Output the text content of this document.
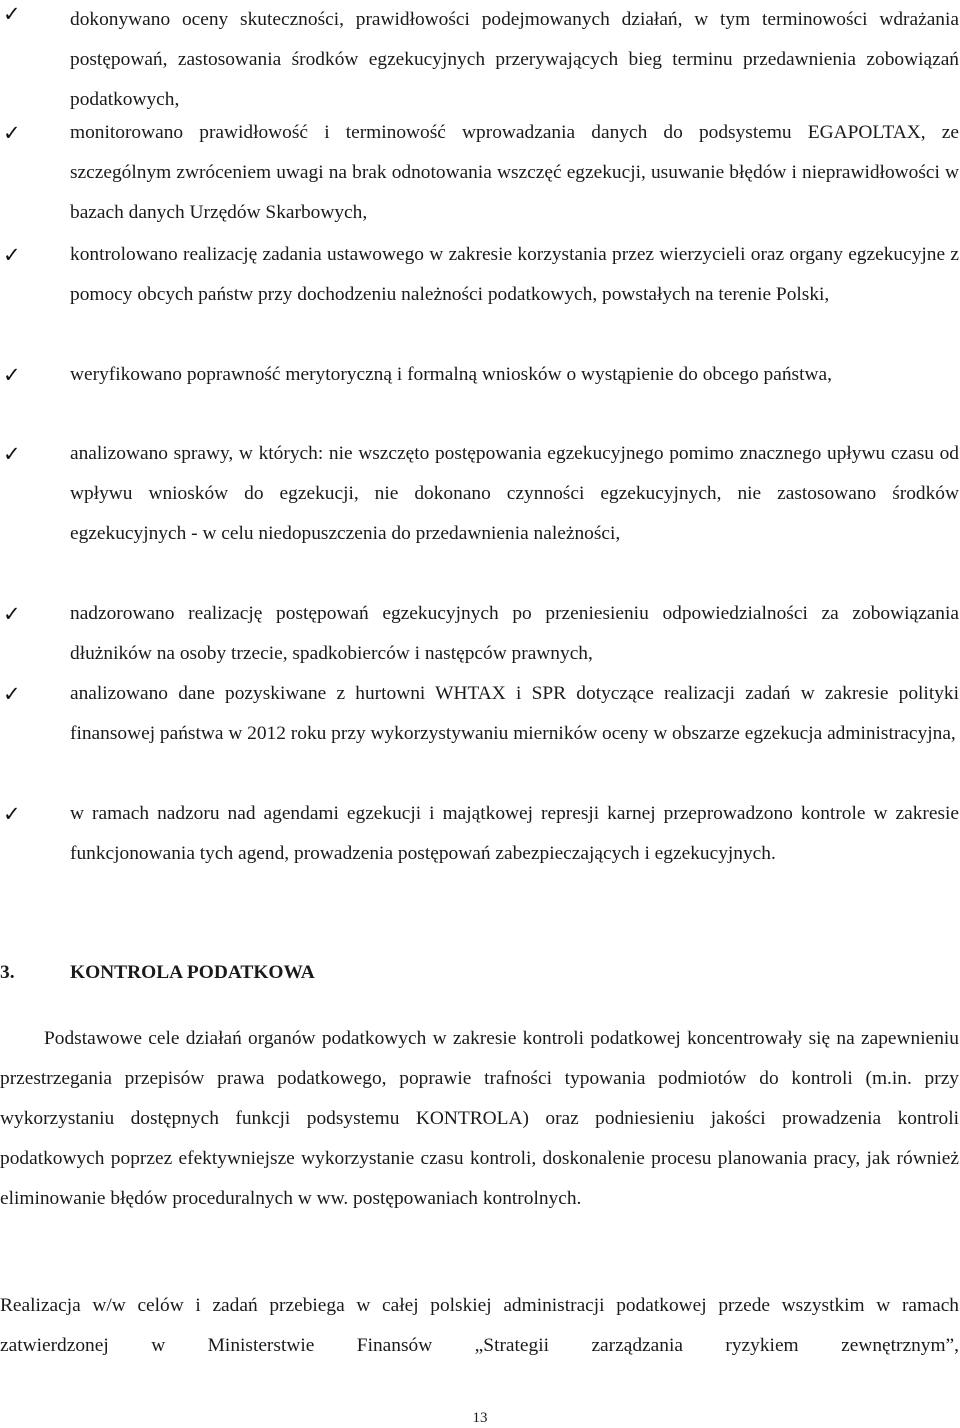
✓	dokonywano oceny skuteczności, prawidłowości podejmowanych działań, w tym terminowości wdrażania postępowań, zastosowania środków egzekucyjnych przerywających bieg terminu przedawnienia zobowiązań podatkowych,
✓	monitorowano prawidłowość i terminowość wprowadzania danych do podsystemu EGAPOLTAX, ze szczególnym zwróceniem uwagi na brak odnotowania wszczęć egzekucji, usuwanie błędów i nieprawidłowości w bazach danych Urzędów Skarbowych,
✓	kontrolowano realizację zadania ustawowego w zakresie korzystania przez wierzycieli oraz organy egzekucyjne z pomocy obcych państw przy dochodzeniu należności podatkowych, powstałych na terenie Polski,
✓	weryfikowano poprawność merytoryczną i formalną wniosków o wystąpienie do obcego państwa,
✓	analizowano sprawy, w których: nie wszczęto postępowania egzekucyjnego pomimo znacznego upływu czasu od wpływu wniosków do egzekucji, nie dokonano czynności egzekucyjnych, nie zastosowano środków egzekucyjnych - w celu niedopuszczenia do przedawnienia należności,
✓	nadzorowano realizację postępowań egzekucyjnych po przeniesieniu odpowiedzialności za zobowiązania dłużników na osoby trzecie, spadkobierców i następców prawnych,
✓	analizowano dane pozyskiwane z hurtowni WHTAX i SPR dotyczące realizacji zadań w zakresie polityki finansowej państwa w 2012 roku przy wykorzystywaniu mierników oceny w obszarze egzekucja administracyjna,
✓	w ramach nadzoru nad agendami egzekucji i majątkowej represji karnej przeprowadzono kontrole w zakresie funkcjonowania tych agend, prowadzenia postępowań zabezpieczających i egzekucyjnych.
3.	KONTROLA PODATKOWA
Podstawowe cele działań organów podatkowych w zakresie kontroli podatkowej koncentrowały się na zapewnieniu przestrzegania przepisów prawa podatkowego, poprawie trafności typowania podmiotów do kontroli (m.in. przy wykorzystaniu dostępnych funkcji podsystemu KONTROLA) oraz podniesieniu jakości prowadzenia kontroli podatkowych poprzez efektywniejsze wykorzystanie czasu kontroli, doskonalenie procesu planowania pracy, jak również eliminowanie błędów proceduralnych w ww. postępowaniach kontrolnych.
Realizacja w/w celów i zadań przebiega w całej polskiej administracji podatkowej przede wszystkim w ramach zatwierdzonej w Ministerstwie Finansów „Strategii zarządzania ryzykiem zewnętrznym”,
13
